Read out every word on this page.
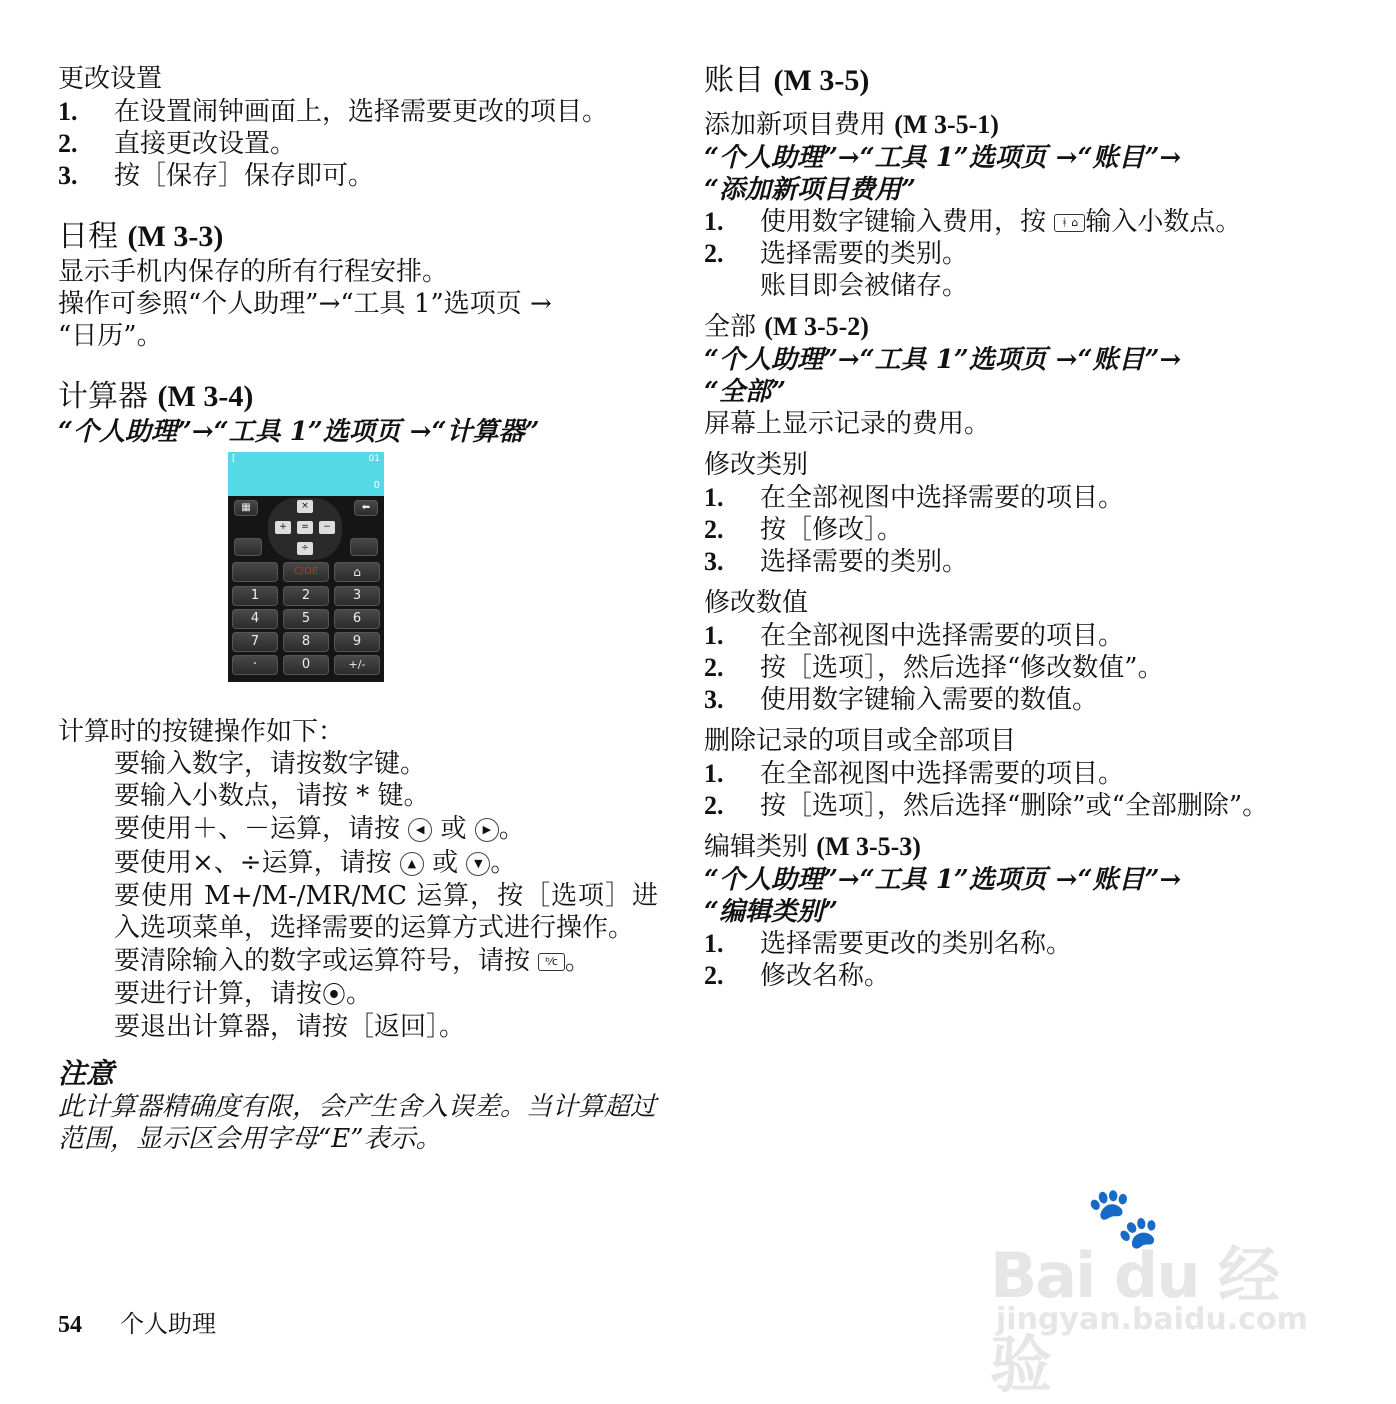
更改设置

1. 在设置闹钟画面上，选择需要更改的项目。
2. 直接更改设置。
3. 按［保存］保存即可。

日程 (M 3-3)

显示手机内保存的所有行程安排。

操作可参照“个人助理”→“工具 1”选项页 →

“日历”。

计算器 (M 3-4)

“个人助理”→“工具 1”选项页 →“计算器”

计算时的按键操作如下：

要输入数字，请按数字键。

要输入小数点，请按 * 键。

要使用＋、－运算，请按 ◀ 或 ▶ 。

要使用×、÷运算，请按 ▲ 或 ▼ 。

要使用 M+/M-/MR/MC 运算，按［选项］进入选项菜单，选择需要的运算方式进行操作。

要清除输入的数字或运算符号，请按 ᵇ⁄c 。

要进行计算，请按⦿。

要退出计算器，请按［返回］。

注意

此计算器精确度有限，会产生舍入误差。当计算超过范围，显示区会用字母“E”表示。

[	01
0
▦	⬅
×
+	=	−
÷
C/DE	⌂
1	2	3
4	5	6
7	8	9
·	0	+/-

账目 (M 3-5)

添加新项目费用 (M 3-5-1)

“个人助理”→“工具 1”选项页 →“账目”→

“添加新项目费用”

1. 使用数字键输入费用，按 ᚼ ⌂ 输入小数点。
2. 选择需要的类别。

账目即会被储存。

全部 (M 3-5-2)

“个人助理”→“工具 1”选项页 →“账目”→

“全部”

屏幕上显示记录的费用。

修改类别

1. 在全部视图中选择需要的项目。
2. 按［修改］。
3. 选择需要的类别。

修改数值

1. 在全部视图中选择需要的项目。
2. 按［选项］，然后选择“修改数值”。
3. 使用数字键输入需要的数值。

删除记录的项目或全部项目

1. 在全部视图中选择需要的项目。
2. 按［选项］，然后选择“删除”或“全部删除”。

编辑类别 (M 3-5-3)

“个人助理”→“工具 1”选项页 →“账目”→

“编辑类别”

1. 选择需要更改的类别名称。
2. 修改名称。
54 个人助理
🐾
Bai du 经验
jingyan.baidu.com
